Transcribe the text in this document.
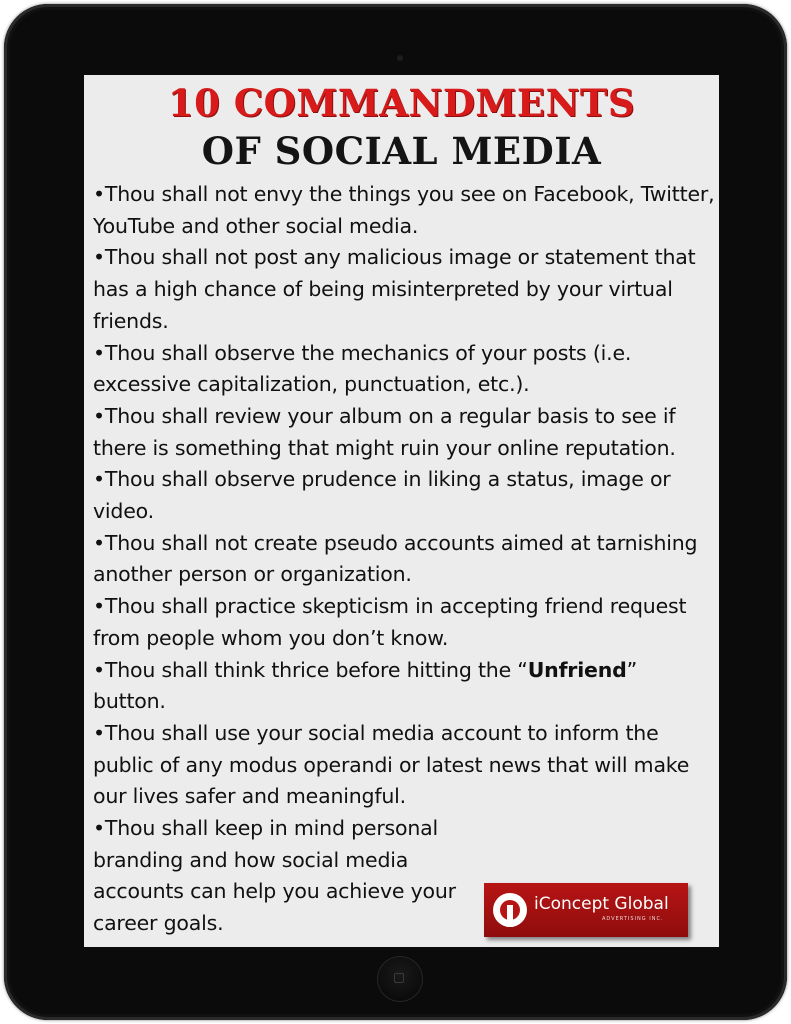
10 COMMANDMENTS
OF SOCIAL MEDIA

•Thou shall not envy the things you see on Facebook, Twitter, YouTube and other social media.

•Thou shall not post any malicious image or statement that has a high chance of being misinterpreted by your virtual friends.

•Thou shall observe the mechanics of your posts (i.e. excessive capitalization, punctuation, etc.).

•Thou shall review your album on a regular basis to see if there is something that might ruin your online reputation.

•Thou shall observe prudence in liking a status, image or video.

•Thou shall not create pseudo accounts aimed at tarnishing another person or organization.

•Thou shall practice skepticism in accepting friend request from people whom you don’t know.

•Thou shall think thrice before hitting the “Unfriend” button.

•Thou shall use your social media account to inform the public of any modus operandi or latest news that will make our lives safer and meaningful.

•Thou shall keep in mind personal branding and how social media accounts can help you achieve your career goals.

iConcept Global
ADVERTISING INC.
